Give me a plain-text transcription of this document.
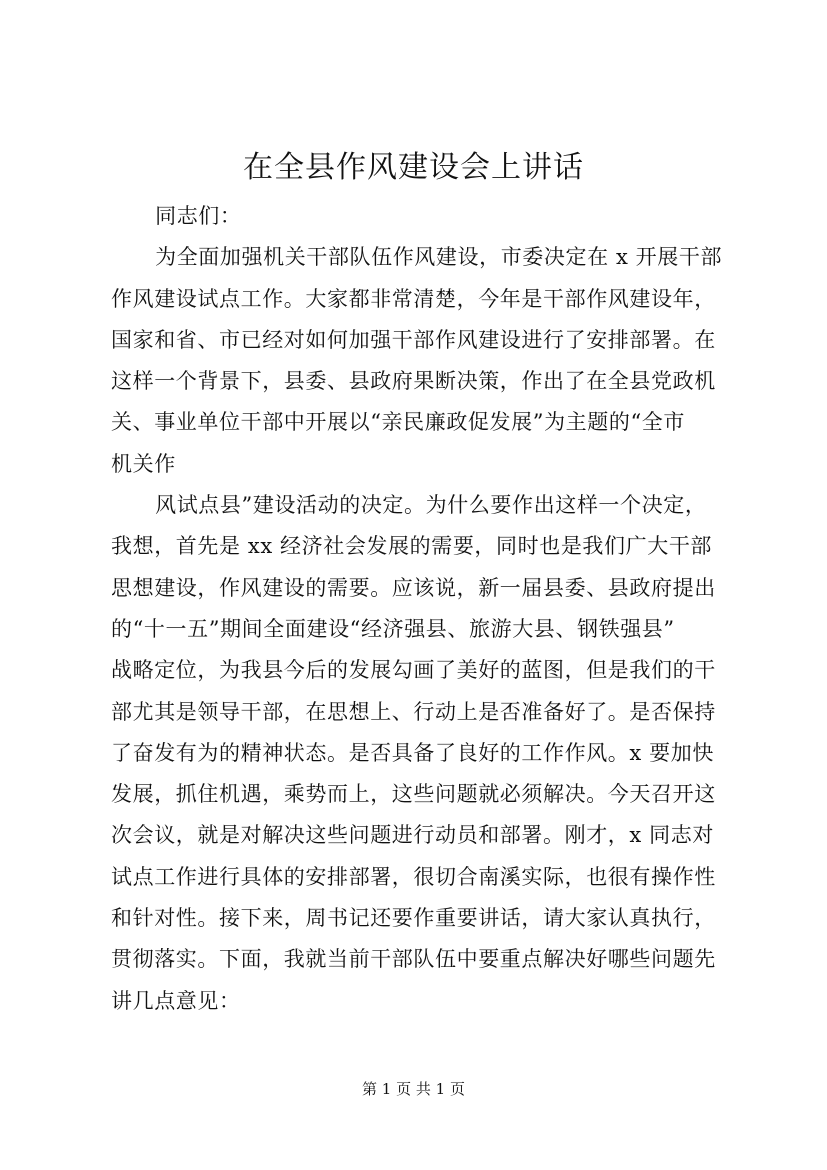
在全县作风建设会上讲话

同志们：

为全面加强机关干部队伍作风建设，市委决定在 x 开展干部
作风建设试点工作。大家都非常清楚，今年是干部作风建设年，
国家和省、市已经对如何加强干部作风建设进行了安排部署。在
这样一个背景下，县委、县政府果断决策，作出了在全县党政机
关、事业单位干部中开展以“亲民廉政促发展”为主题的“全市
机关作

风试点县”建设活动的决定。为什么要作出这样一个决定，
我想，首先是 xx 经济社会发展的需要，同时也是我们广大干部
思想建设，作风建设的需要。应该说，新一届县委、县政府提出
的“十一五”期间全面建设“经济强县、旅游大县、钢铁强县”
战略定位，为我县今后的发展勾画了美好的蓝图，但是我们的干
部尤其是领导干部，在思想上、行动上是否准备好了。是否保持
了奋发有为的精神状态。是否具备了良好的工作作风。x 要加快
发展，抓住机遇，乘势而上，这些问题就必须解决。今天召开这
次会议，就是对解决这些问题进行动员和部署。刚才，x 同志对
试点工作进行具体的安排部署，很切合南溪实际，也很有操作性
和针对性。接下来，周书记还要作重要讲话，请大家认真执行，
贯彻落实。下面，我就当前干部队伍中要重点解决好哪些问题先
讲几点意见：

第 1 页 共 1 页
